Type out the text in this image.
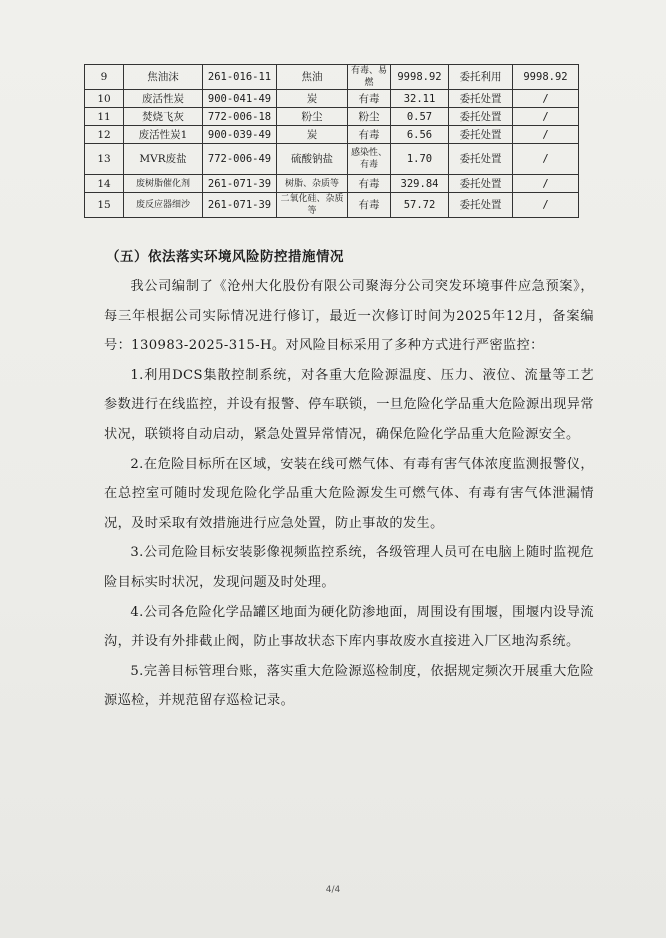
9	焦油沫	261-016-11	焦油	有毒、易燃	9998.92	委托利用	9998.92
10	废活性炭	900-041-49	炭	有毒	32.11	委托处置	/
11	焚烧飞灰	772-006-18	粉尘	粉尘	0.57	委托处置	/
12	废活性炭1	900-039-49	炭	有毒	6.56	委托处置	/
13	MVR废盐	772-006-49	硫酸钠盐	感染性、有毒	1.70	委托处置	/
14	废树脂催化剂	261-071-39	树脂、杂质等	有毒	329.84	委托处置	/
15	废反应器细沙	261-071-39	二氧化硅、杂质等	有毒	57.72	委托处置	/
（五）依法落实环境风险防控措施情况

我公司编制了《沧州大化股份有限公司聚海分公司突发环境事件应急预案》，每三年根据公司实际情况进行修订，最近一次修订时间为2025年12月，备案编号：130983-2025-315-H。对风险目标采用了多种方式进行严密监控：

1.利用DCS集散控制系统，对各重大危险源温度、压力、液位、流量等工艺参数进行在线监控，并设有报警、停车联锁，一旦危险化学品重大危险源出现异常状况，联锁将自动启动，紧急处置异常情况，确保危险化学品重大危险源安全。

2.在危险目标所在区域，安装在线可燃气体、有毒有害气体浓度监测报警仪，在总控室可随时发现危险化学品重大危险源发生可燃气体、有毒有害气体泄漏情况，及时采取有效措施进行应急处置，防止事故的发生。

3.公司危险目标安装影像视频监控系统，各级管理人员可在电脑上随时监视危险目标实时状况，发现问题及时处理。

4.公司各危险化学品罐区地面为硬化防渗地面，周围设有围堰，围堰内设导流沟，并设有外排截止阀，防止事故状态下库内事故废水直接进入厂区地沟系统。

5.完善目标管理台账，落实重大危险源巡检制度，依据规定频次开展重大危险源巡检，并规范留存巡检记录。

4/4
